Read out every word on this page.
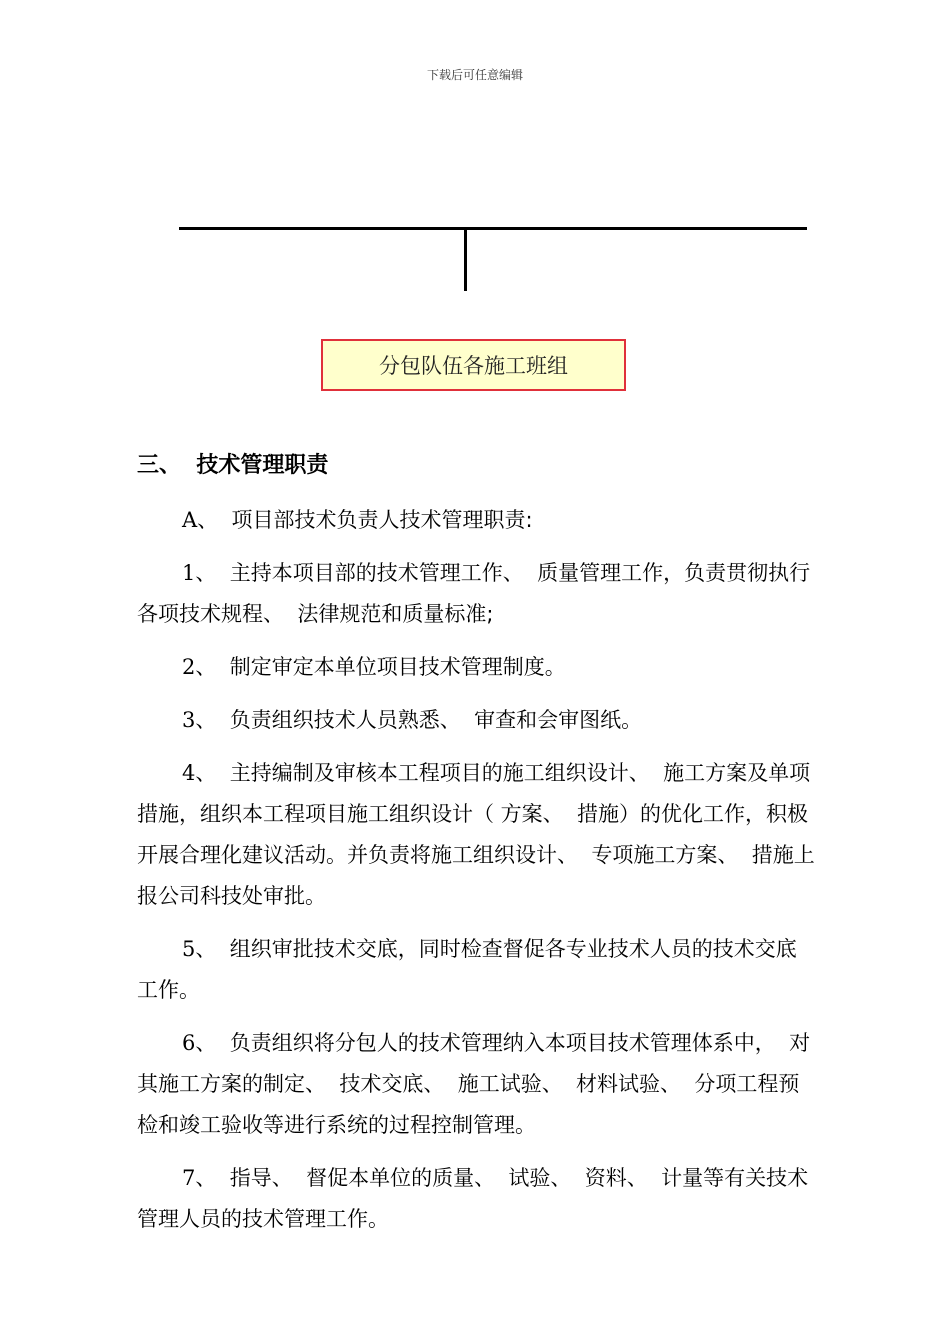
下载后可任意编辑
分包队伍各施工班组
三、  技术管理职责

A、  项目部技术负责人技术管理职责:

1、  主持本项目部的技术管理工作、  质量管理工作，负责贯彻执行各项技术规程、  法律规范和质量标准;

2、  制定审定本单位项目技术管理制度。

3、  负责组织技术人员熟悉、  审查和会审图纸。

4、  主持编制及审核本工程项目的施工组织设计、  施工方案及单项措施，组织本工程项目施工组织设计（ 方案、  措施）的优化工作，积极开展合理化建议活动。并负责将施工组织设计、  专项施工方案、  措施上报公司科技处审批。

5、  组织审批技术交底，同时检查督促各专业技术人员的技术交底工作。

6、  负责组织将分包人的技术管理纳入本项目技术管理体系中，  对其施工方案的制定、  技术交底、  施工试验、  材料试验、  分项工程预检和竣工验收等进行系统的过程控制管理。

7、  指导、  督促本单位的质量、  试验、  资料、  计量等有关技术管理人员的技术管理工作。
